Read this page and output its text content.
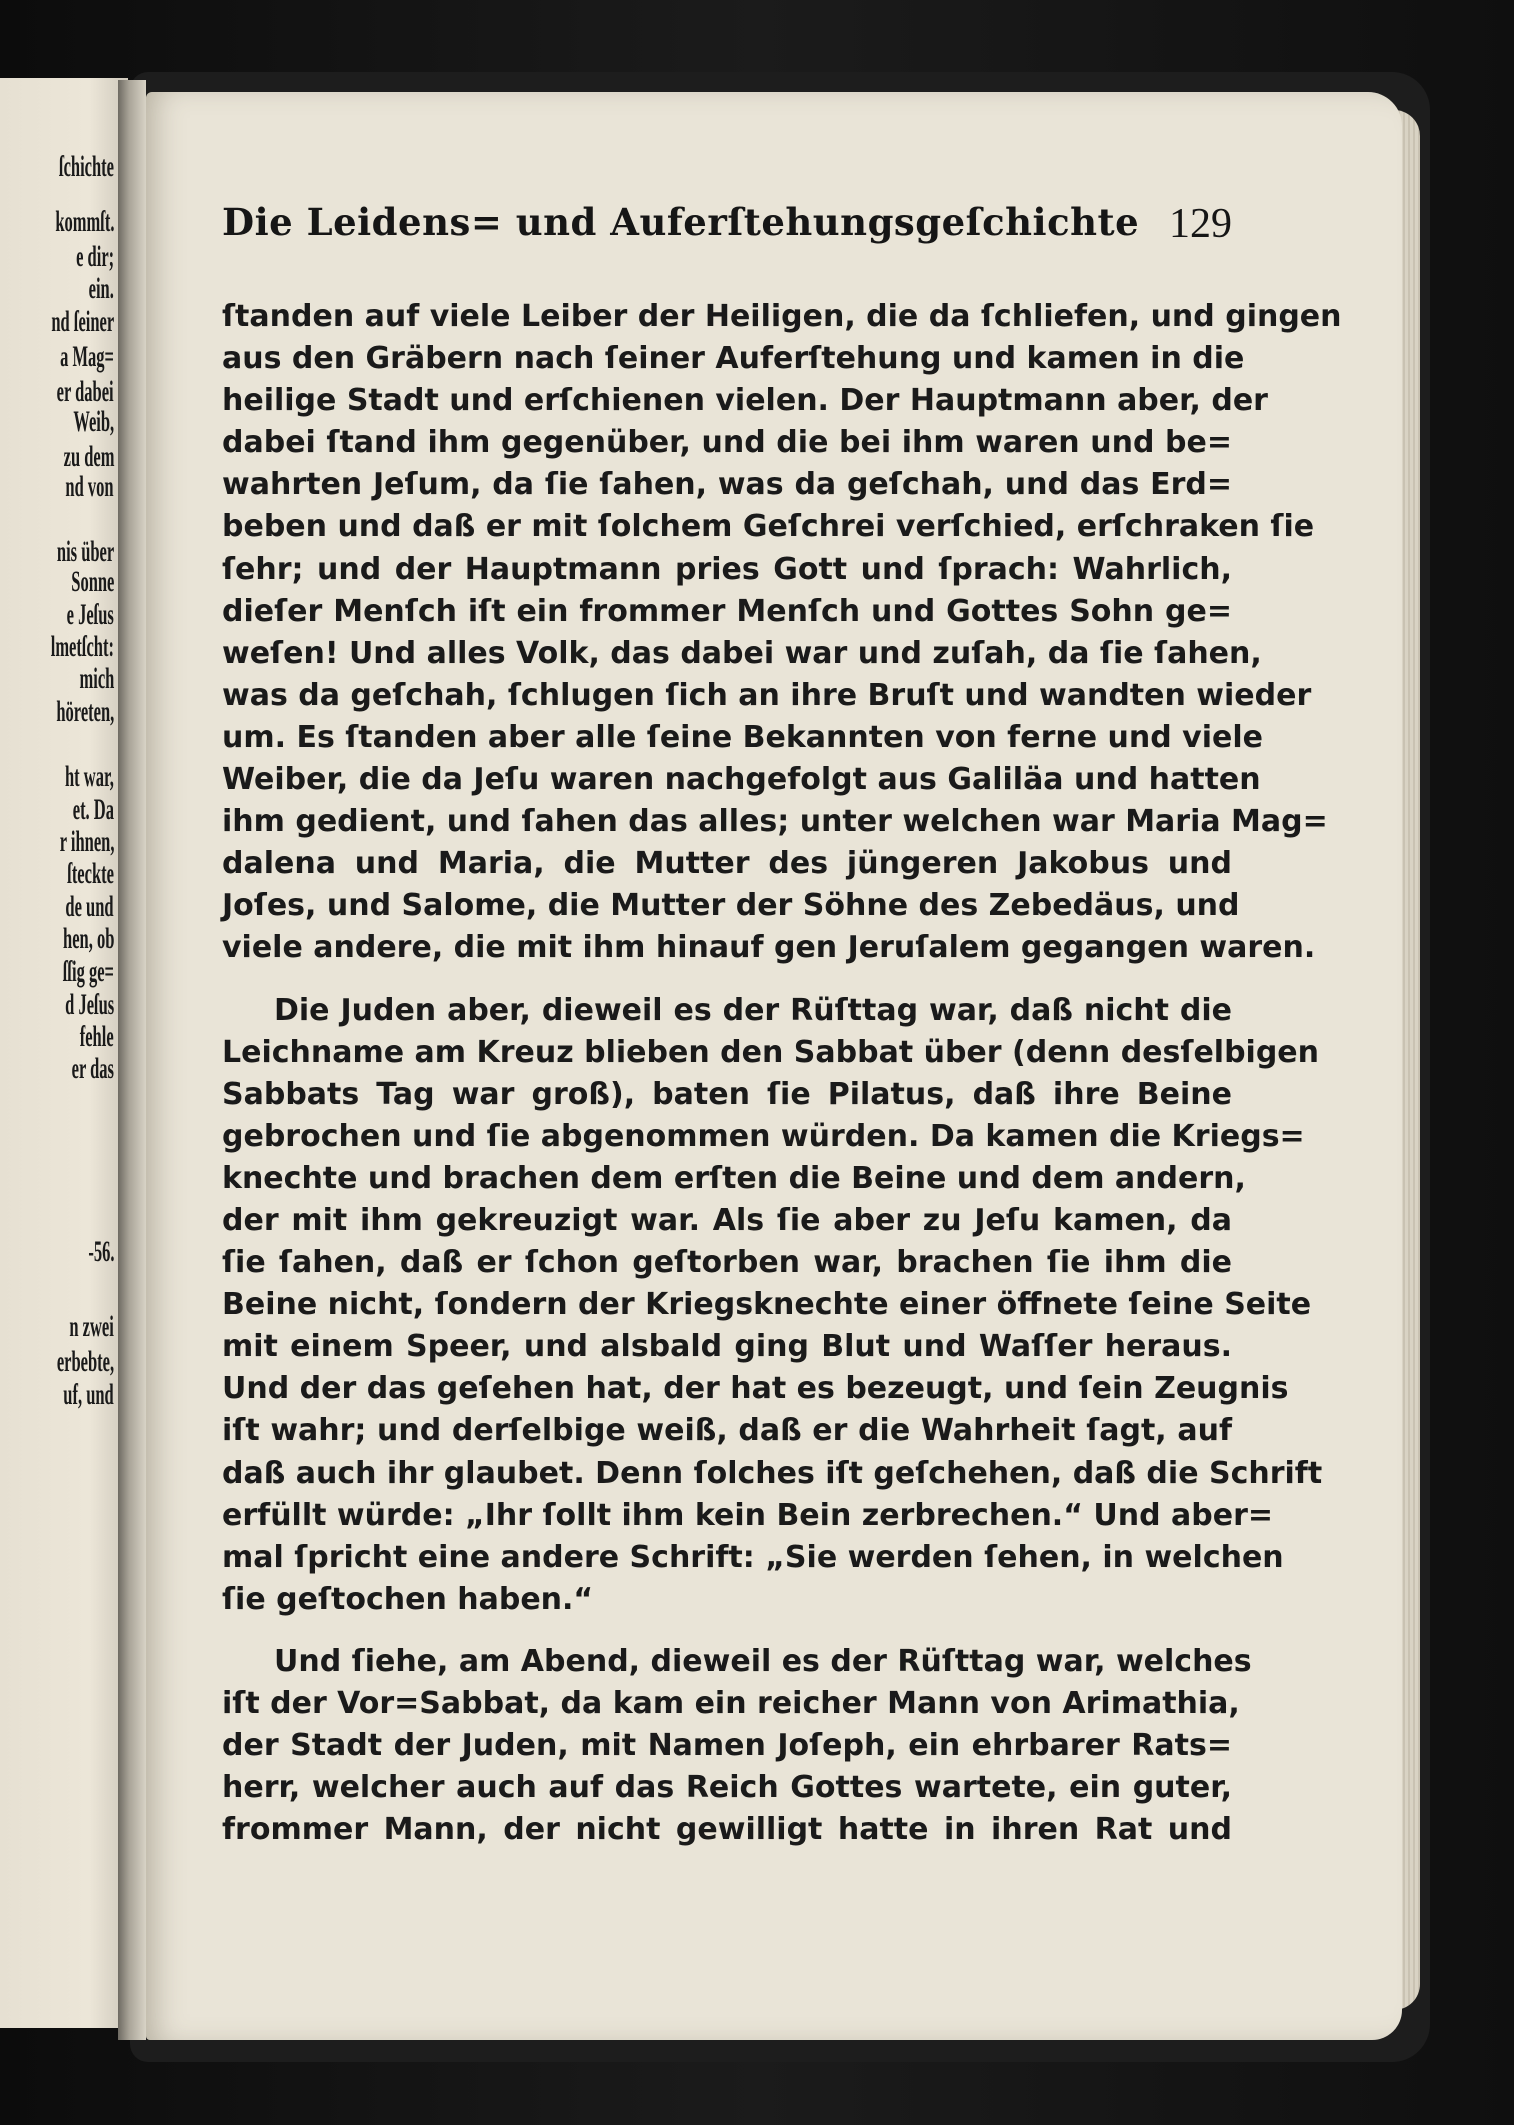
ſchichte
kommſt.
e dir;
ein.
nd ſeiner
a Mag=
er dabei
Weib,
zu dem
nd von
nis über
Sonne
e Jeſus
lmetſcht:
mich
höreten,
ht war,
et. Da
r ihnen,
ſteckte
de und
hen, ob
ſſig ge=
d Jeſus
fehle
er das
-56.
n zwei
erbebte,
uf, und
Die Leidens= und Auferſtehungsgeſchichte 129
ſtanden auf viele Leiber der Heiligen, die da ſchliefen, und gingen
aus den Gräbern nach ſeiner Auferſtehung und kamen in die
heilige Stadt und erſchienen vielen. Der Hauptmann aber, der
dabei ſtand ihm gegenüber, und die bei ihm waren und be=
wahrten Jeſum, da ſie ſahen, was da geſchah, und das Erd=
beben und daß er mit ſolchem Geſchrei verſchied, erſchraken ſie
ſehr; und der Hauptmann pries Gott und ſprach: Wahrlich,
dieſer Menſch iſt ein frommer Menſch und Gottes Sohn ge=
weſen! Und alles Volk, das dabei war und zuſah, da ſie ſahen,
was da geſchah, ſchlugen ſich an ihre Bruſt und wandten wieder
um. Es ſtanden aber alle ſeine Bekannten von ferne und viele
Weiber, die da Jeſu waren nachgefolgt aus Galiläa und hatten
ihm gedient, und ſahen das alles; unter welchen war Maria Mag=
dalena und Maria, die Mutter des jüngeren Jakobus und
Joſes, und Salome, die Mutter der Söhne des Zebedäus, und
viele andere, die mit ihm hinauf gen Jeruſalem gegangen waren.
Die Juden aber, dieweil es der Rüſttag war, daß nicht die
Leichname am Kreuz blieben den Sabbat über (denn desſelbigen
Sabbats Tag war groß), baten ſie Pilatus, daß ihre Beine
gebrochen und ſie abgenommen würden. Da kamen die Kriegs=
knechte und brachen dem erſten die Beine und dem andern,
der mit ihm gekreuzigt war. Als ſie aber zu Jeſu kamen, da
ſie ſahen, daß er ſchon geſtorben war, brachen ſie ihm die
Beine nicht, ſondern der Kriegsknechte einer öffnete ſeine Seite
mit einem Speer, und alsbald ging Blut und Waſſer heraus.
Und der das geſehen hat, der hat es bezeugt, und ſein Zeugnis
iſt wahr; und derſelbige weiß, daß er die Wahrheit ſagt, auf
daß auch ihr glaubet. Denn ſolches iſt geſchehen, daß die Schrift
erfüllt würde: „Ihr ſollt ihm kein Bein zerbrechen.“ Und aber=
mal ſpricht eine andere Schrift: „Sie werden ſehen, in welchen
ſie geſtochen haben.“
Und ſiehe, am Abend, dieweil es der Rüſttag war, welches
iſt der Vor=Sabbat, da kam ein reicher Mann von Arimathia,
der Stadt der Juden, mit Namen Joſeph, ein ehrbarer Rats=
herr, welcher auch auf das Reich Gottes wartete, ein guter,
frommer Mann, der nicht gewilligt hatte in ihren Rat und
